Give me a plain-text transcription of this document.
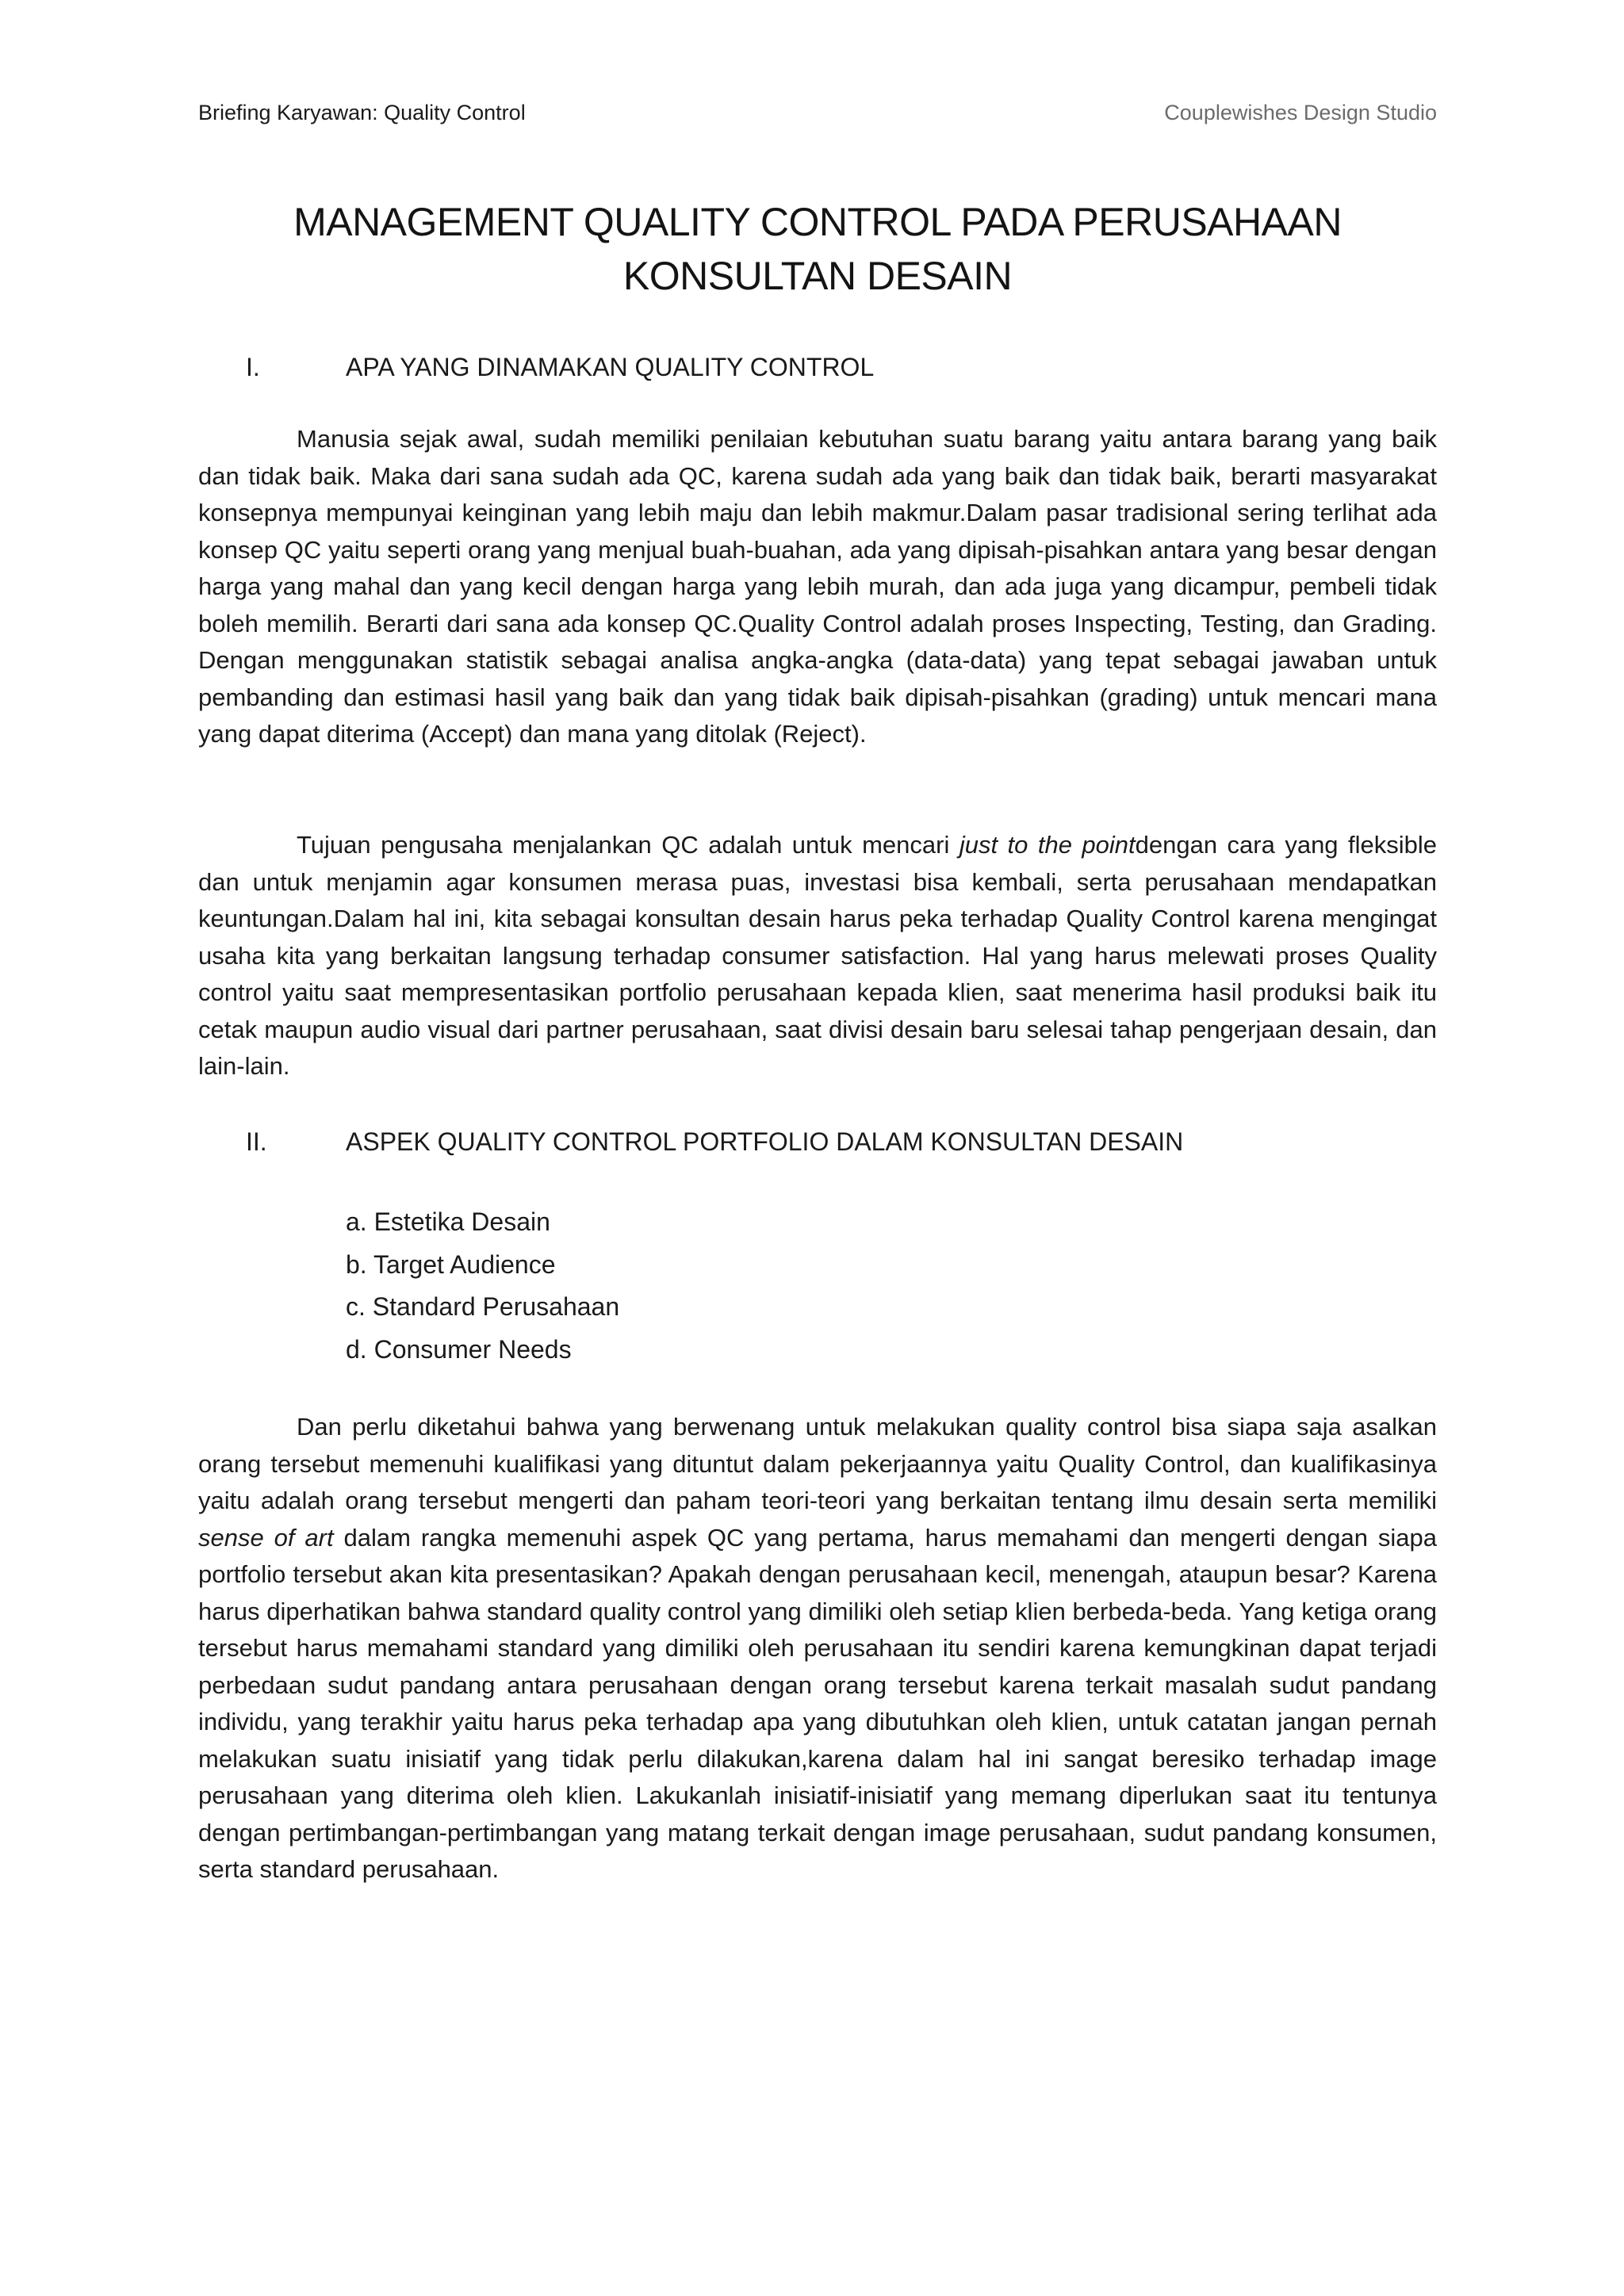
Briefing Karyawan: Quality Control	Couplewishes Design Studio
MANAGEMENT QUALITY CONTROL PADA PERUSAHAAN
KONSULTAN DESAIN
I.	APA YANG DINAMAKAN QUALITY CONTROL

Manusia sejak awal, sudah memiliki penilaian kebutuhan suatu barang yaitu antara barang yang baik dan tidak baik. Maka dari sana sudah ada QC, karena sudah ada yang baik dan tidak baik, berarti masyarakat konsepnya mempunyai keinginan yang lebih maju dan lebih makmur.Dalam pasar tradisional sering terlihat ada konsep QC yaitu seperti orang yang menjual buah-buahan, ada yang dipisah-pisahkan antara yang besar dengan harga yang mahal dan yang kecil dengan harga yang lebih murah, dan ada juga yang dicampur, pembeli tidak boleh memilih. Berarti dari sana ada konsep QC.Quality Control adalah proses Inspecting, Testing, dan Grading. Dengan menggunakan statistik sebagai analisa angka-angka (data-data) yang tepat sebagai jawaban untuk pembanding dan estimasi hasil yang baik dan yang tidak baik dipisah-pisahkan (grading) untuk mencari mana yang dapat diterima (Accept) dan mana yang ditolak (Reject).

Tujuan pengusaha menjalankan QC adalah untuk mencari just to the pointdengan cara yang fleksible dan untuk menjamin agar konsumen merasa puas, investasi bisa kembali, serta perusahaan mendapatkan keuntungan.Dalam hal ini, kita sebagai konsultan desain harus peka terhadap Quality Control karena mengingat usaha kita yang berkaitan langsung terhadap consumer satisfaction. Hal yang harus melewati proses Quality control yaitu saat mempresentasikan portfolio perusahaan kepada klien, saat menerima hasil produksi baik itu cetak maupun audio visual dari partner perusahaan, saat divisi desain baru selesai tahap pengerjaan desain, dan lain-lain.

II.	ASPEK QUALITY CONTROL PORTFOLIO DALAM KONSULTAN DESAIN
a. Estetika Desain
b. Target Audience
c. Standard Perusahaan
d. Consumer Needs

Dan perlu diketahui bahwa yang berwenang untuk melakukan quality control bisa siapa saja asalkan orang tersebut memenuhi kualifikasi yang dituntut dalam pekerjaannya yaitu Quality Control, dan kualifikasinya yaitu adalah orang tersebut mengerti dan paham teori-teori yang berkaitan tentang ilmu desain serta memiliki sense of art dalam rangka memenuhi aspek QC yang pertama, harus memahami dan mengerti dengan siapa portfolio tersebut akan kita presentasikan? Apakah dengan perusahaan kecil, menengah, ataupun besar? Karena harus diperhatikan bahwa standard quality control yang dimiliki oleh setiap klien berbeda-beda. Yang ketiga orang tersebut harus memahami standard yang dimiliki oleh perusahaan itu sendiri karena kemungkinan dapat terjadi perbedaan sudut pandang antara perusahaan dengan orang tersebut karena terkait masalah sudut pandang individu, yang terakhir yaitu harus peka terhadap apa yang dibutuhkan oleh klien, untuk catatan jangan pernah melakukan suatu inisiatif yang tidak perlu dilakukan,karena dalam hal ini sangat beresiko terhadap image perusahaan yang diterima oleh klien. Lakukanlah inisiatif-inisiatif yang memang diperlukan saat itu tentunya dengan pertimbangan-pertimbangan yang matang terkait dengan image perusahaan, sudut pandang konsumen, serta standard perusahaan.
